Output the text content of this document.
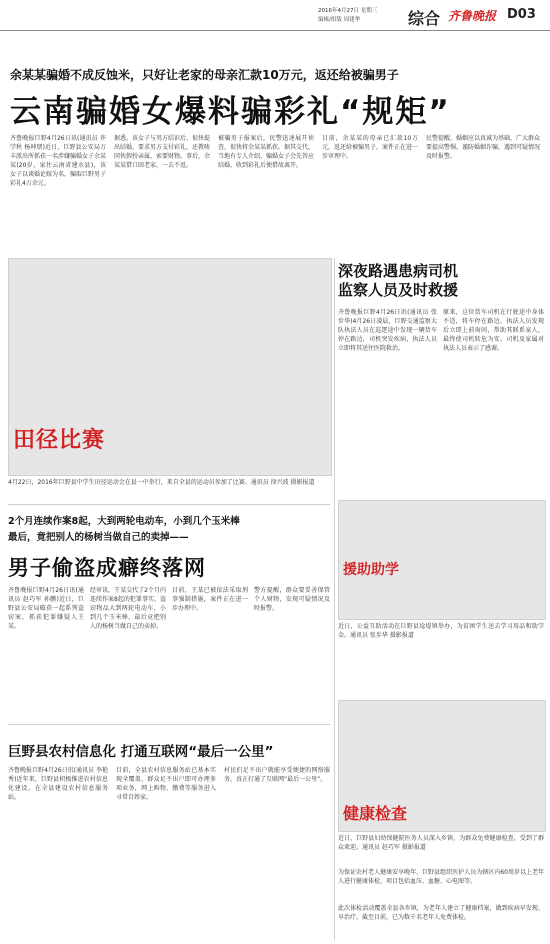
2016年4月27日 星期三
编辑/组版 周建华	综合 齐鲁晚报 D03
余某某骗婚不成反蚀米，只好让老家的母亲汇款10万元，返还给被骗男子
云南骗婚女爆料骗彩礼“规矩”
齐鲁晚报巨野4月26日讯(通讯员 许学秋 杨坤朋)近日，巨野县公安局万丰派出所抓获一名涉嫌骗婚女子余某某(20岁，家住云南省建水县)，该女子以谈婚论嫁为名，骗取巨野男子彩礼4万余元。
据悉，该女子与男方结识后，很快提出结婚，要求男方支付彩礼，还教唆同伙假扮亲属，索要财物。事后，余某某借口回老家，一去不返。
被骗男子报案后，民警迅速展开侦查，很快将余某某抓获。据其交代，当地有专人介绍，骗婚女子会先答应结婚，收到彩礼后便借故离开。
目前，余某某的母亲已汇款10万元，返还给被骗男子，案件正在进一步审理中。
民警提醒，婚姻应以真诚为基础，广大群众要提高警惕，谨防婚姻诈骗，遇到可疑情况及时报警。
田径比赛
4月22日，2016年巨野县中学生田径运动会在县一中举行，来自全县的运动员参加了比赛。通讯员 徐兴波 摄影报道
深夜路遇患病司机 监察人员及时救援
齐鲁晚报巨野4月26日讯(通讯员 张步华)4月26日凌晨，巨野交通监察大队执法人员在巡逻途中发现一辆货车停在路边，司机突发疾病，执法人员立即将其送往医院救治。
原来，这位货车司机在行驶途中身体不适，将车停在路边，执法人员发现后立即上前询问，帮助其联系家人，最终使司机转危为安。司机及家属对执法人员表示了感谢。
援助助学
近日，公益互助活动在巨野县埝堤镇举办，为贫困学生送去学习用品和助学金。通讯员 张步华 摄影报道
2个月连续作案8起，大到两轮电动车，小到几个玉米棒
最后，竟把别人的杨树当做自己的卖掉——
男子偷盗成癖终落网
齐鲁晚报巨野4月26日讯(通讯员 赵巧军 孙鹏)近日，巨野县公安局破获一起系列盗窃案，抓获犯罪嫌疑人王某。
经审讯，王某交代了2个月内连续作案8起的犯罪事实，盗窃物品大到两轮电动车，小到几个玉米棒，最后竟把别人的杨树当做自己的卖掉。
目前，王某已被依法采取刑事强制措施，案件正在进一步办理中。
警方提醒，群众要妥善保管个人财物，发现可疑情况及时报警。
巨野县农村信息化 打通互联网“最后一公里”
齐鲁晚报巨野4月26日讯(通讯员 李艳秀)近年来，巨野县积极推进农村信息化建设，在全县建设农村信息服务站。
目前，全县农村信息服务站已基本实现全覆盖，群众足不出户即可办理多项业务，网上购物、缴费等服务进入寻常百姓家。
村民们足不出户就能享受便捷的网络服务，真正打通了互联网“最后一公里”。
健康检查
近日，巨野县妇幼保健院医务人员深入乡镇，为群众免费健康检查，受到了群众欢迎。通讯员 赵巧军 摄影报道
为保证农村老人健康安享晚年，巨野县组织医护人员为辖区内60周岁以上老年人进行健康体检，项目包括血压、血糖、心电图等。
此次体检活动覆盖全县各乡镇，为老年人建立了健康档案，做到疾病早发现、早治疗。截至目前，已为数千名老年人免费体检。
